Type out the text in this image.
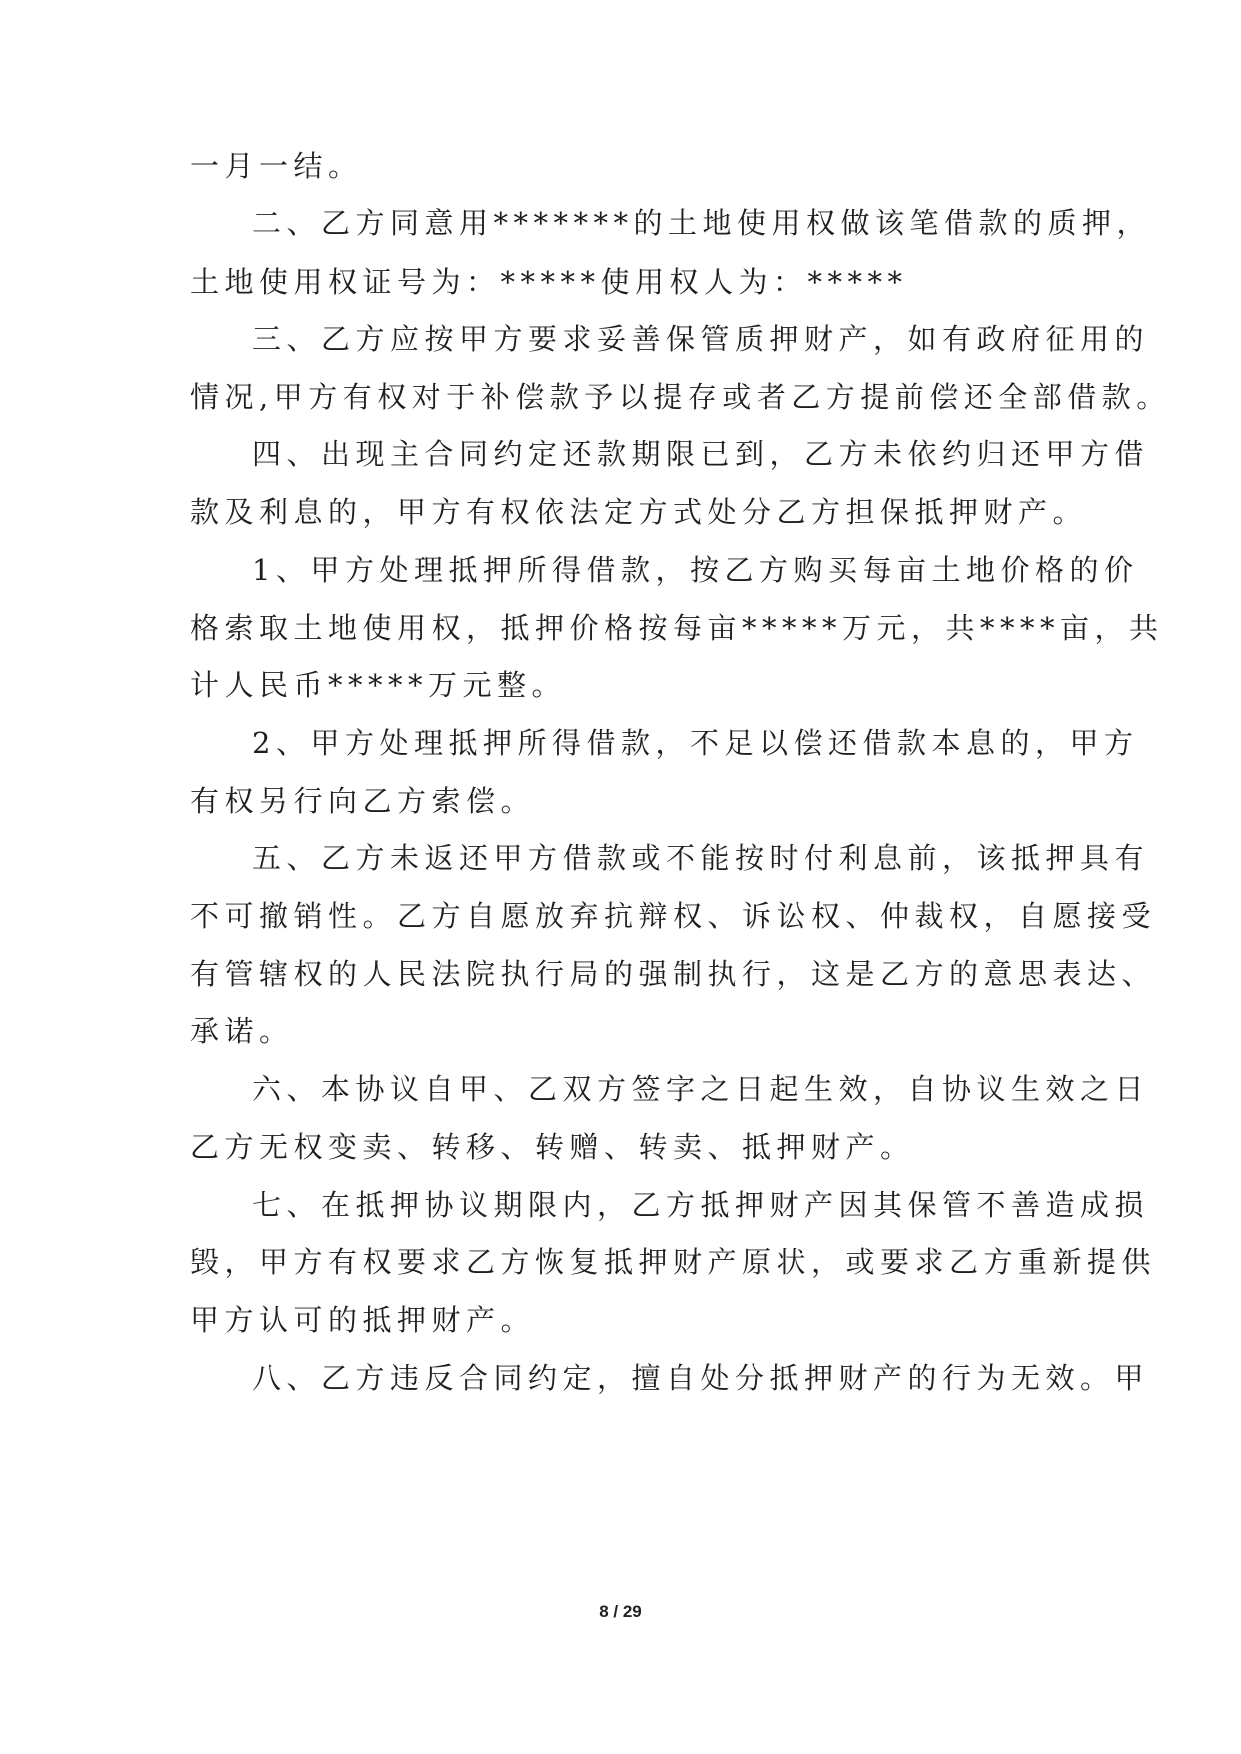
一月一结。
二、乙方同意用*******的土地使用权做该笔借款的质押，
土地使用权证号为：*****使用权人为：*****
三、乙方应按甲方要求妥善保管质押财产，如有政府征用的
情况,甲方有权对于补偿款予以提存或者乙方提前偿还全部借款。
四、出现主合同约定还款期限已到，乙方未依约归还甲方借
款及利息的，甲方有权依法定方式处分乙方担保抵押财产。
1、甲方处理抵押所得借款，按乙方购买每亩土地价格的价
格索取土地使用权，抵押价格按每亩*****万元，共****亩，共
计人民币*****万元整。
2、甲方处理抵押所得借款，不足以偿还借款本息的，甲方
有权另行向乙方索偿。
五、乙方未返还甲方借款或不能按时付利息前，该抵押具有
不可撤销性。乙方自愿放弃抗辩权、诉讼权、仲裁权，自愿接受
有管辖权的人民法院执行局的强制执行，这是乙方的意思表达、
承诺。
六、本协议自甲、乙双方签字之日起生效，自协议生效之日
乙方无权变卖、转移、转赠、转卖、抵押财产。
七、在抵押协议期限内，乙方抵押财产因其保管不善造成损
毁，甲方有权要求乙方恢复抵押财产原状，或要求乙方重新提供
甲方认可的抵押财产。
八、乙方违反合同约定，擅自处分抵押财产的行为无效。甲
8 / 29
